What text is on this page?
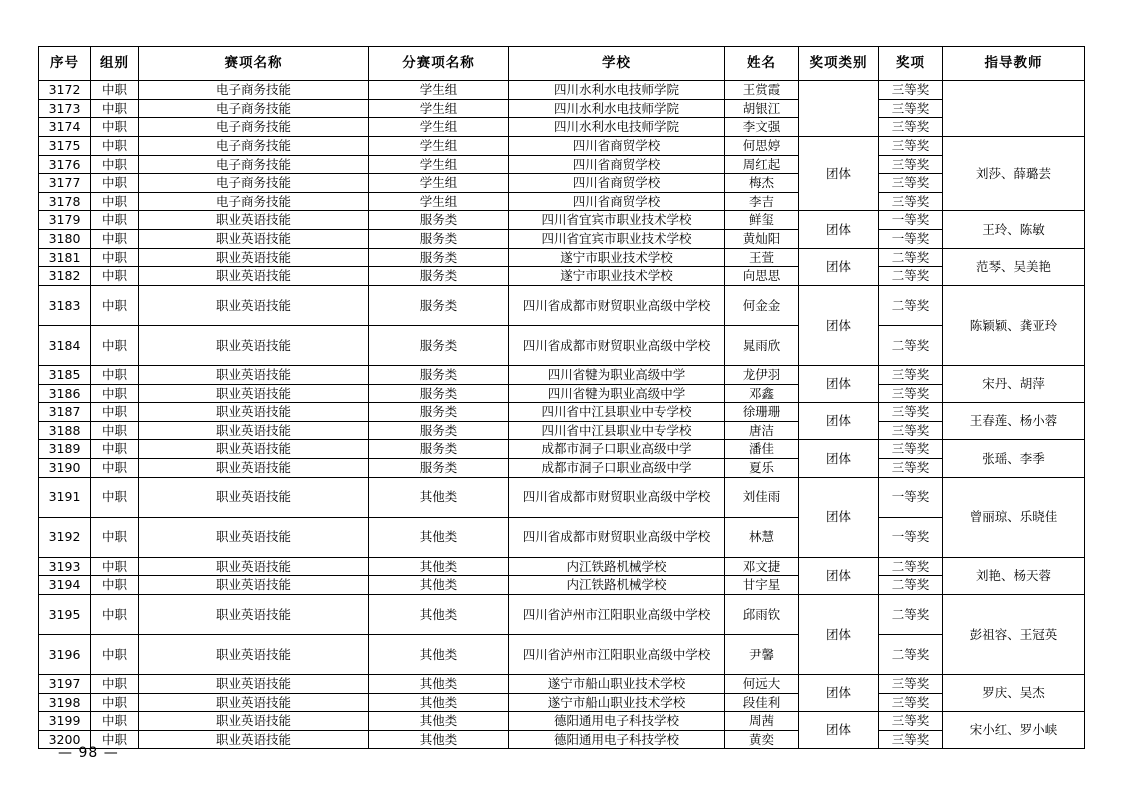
序号	组别	赛项名称	分赛项名称	学校	姓名	奖项类别	奖项	指导教师
3172	中职	电子商务技能	学生组	四川水利水电技师学院	王赏霞		三等奖	
3173	中职	电子商务技能	学生组	四川水利水电技师学院	胡银江		三等奖	
3174	中职	电子商务技能	学生组	四川水利水电技师学院	李文强		三等奖	
3175	中职	电子商务技能	学生组	四川省商贸学校	何思婷	团体	三等奖	刘莎、薛璐芸
3176	中职	电子商务技能	学生组	四川省商贸学校	周红起		三等奖	
3177	中职	电子商务技能	学生组	四川省商贸学校	梅杰		三等奖	
3178	中职	电子商务技能	学生组	四川省商贸学校	李吉		三等奖	
3179	中职	职业英语技能	服务类	四川省宜宾市职业技术学校	鲜玺	团体	一等奖	王玲、陈敏
3180	中职	职业英语技能	服务类	四川省宜宾市职业技术学校	黄灿阳		一等奖	
3181	中职	职业英语技能	服务类	遂宁市职业技术学校	王萱	团体	二等奖	范琴、吴美艳
3182	中职	职业英语技能	服务类	遂宁市职业技术学校	向思思		二等奖	
3183	中职	职业英语技能	服务类	四川省成都市财贸职业高级中学校	何金金	团体	二等奖	陈颖颖、龚亚玲
3184	中职	职业英语技能	服务类	四川省成都市财贸职业高级中学校	晁雨欣		二等奖	
3185	中职	职业英语技能	服务类	四川省犍为职业高级中学	龙伊羽	团体	三等奖	宋丹、胡萍
3186	中职	职业英语技能	服务类	四川省犍为职业高级中学	邓鑫		三等奖	
3187	中职	职业英语技能	服务类	四川省中江县职业中专学校	徐珊珊	团体	三等奖	王春莲、杨小蓉
3188	中职	职业英语技能	服务类	四川省中江县职业中专学校	唐洁		三等奖	
3189	中职	职业英语技能	服务类	成都市洞子口职业高级中学	潘佳	团体	三等奖	张瑶、李季
3190	中职	职业英语技能	服务类	成都市洞子口职业高级中学	夏乐		三等奖	
3191	中职	职业英语技能	其他类	四川省成都市财贸职业高级中学校	刘佳雨	团体	一等奖	曾丽琼、乐晓佳
3192	中职	职业英语技能	其他类	四川省成都市财贸职业高级中学校	林慧		一等奖	
3193	中职	职业英语技能	其他类	内江铁路机械学校	邓文捷	团体	二等奖	刘艳、杨天蓉
3194	中职	职业英语技能	其他类	内江铁路机械学校	甘宇星		二等奖	
3195	中职	职业英语技能	其他类	四川省泸州市江阳职业高级中学校	邱雨钦	团体	二等奖	彭祖容、王冠英
3196	中职	职业英语技能	其他类	四川省泸州市江阳职业高级中学校	尹馨		二等奖	
3197	中职	职业英语技能	其他类	遂宁市船山职业技术学校	何远大	团体	三等奖	罗庆、吴杰
3198	中职	职业英语技能	其他类	遂宁市船山职业技术学校	段佳利		三等奖	
3199	中职	职业英语技能	其他类	德阳通用电子科技学校	周茜	团体	三等奖	宋小红、罗小峡
3200	中职	职业英语技能	其他类	德阳通用电子科技学校	黄奕		三等奖	
— 98 —
